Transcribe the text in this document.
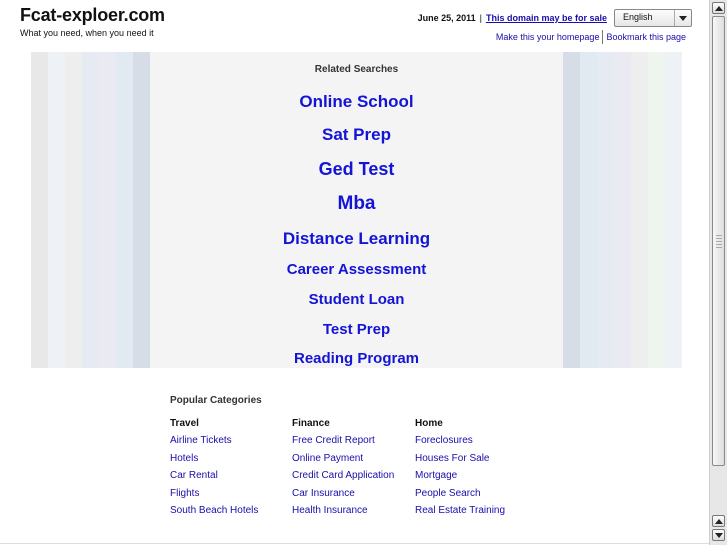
Fcat-exploer.com
What you need, when you need it
June 25, 2011 | This domain may be for sale English
Make this your homepage Bookmark this page
Related Searches
Online School
Sat Prep
Ged Test
Mba
Distance Learning
Career Assessment
Student Loan
Test Prep
Reading Program
Popular Categories
Travel
Airline Tickets
Hotels
Car Rental
Flights
South Beach Hotels
Finance
Free Credit Report
Online Payment
Credit Card Application
Car Insurance
Health Insurance
Home
Foreclosures
Houses For Sale
Mortgage
People Search
Real Estate Training
